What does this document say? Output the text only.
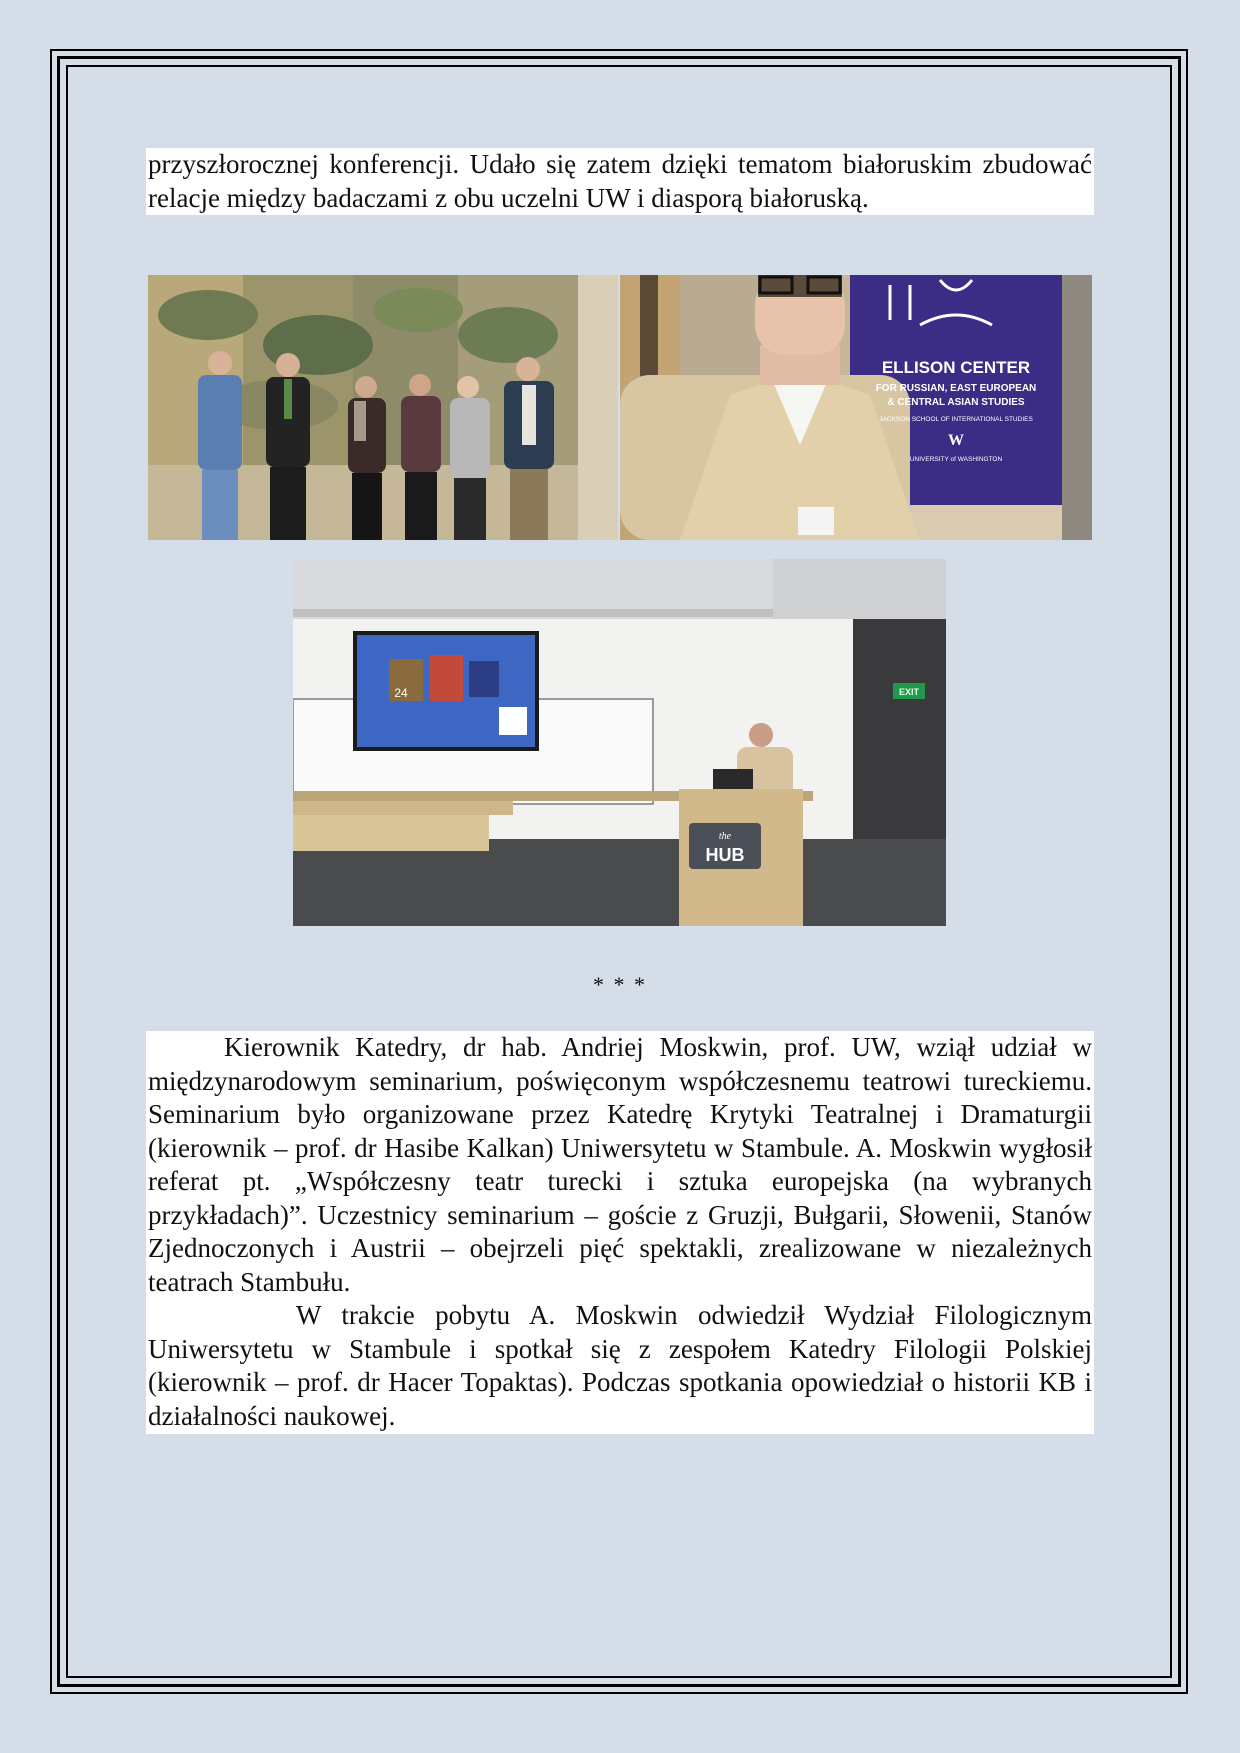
przyszłorocznej konferencji. Udało się zatem dzięki tematom białoruskim zbudować relacje między badaczami z obu uczelni UW i diasporą białoruską.

ELLISON CENTER
FOR RUSSIAN, EAST EUROPEAN
& CENTRAL ASIAN STUDIES
JACKSON SCHOOL OF INTERNATIONAL STUDIES
W
UNIVERSITY of WASHINGTON
24	EXIT
the
HUB
* * *

Kierownik Katedry, dr hab. Andriej Moskwin, prof. UW, wziął udział w międzynarodowym seminarium, poświęconym współczesnemu teatrowi tureckiemu. Seminarium było organizowane przez Katedrę Krytyki Teatralnej i Dramaturgii (kierownik – prof. dr Hasibe Kalkan) Uniwersytetu w Stambule. A. Moskwin wygłosił referat pt. „Współczesny teatr turecki i sztuka europejska (na wybranych przykładach)”. Uczestnicy seminarium – goście z Gruzji, Bułgarii, Słowenii, Stanów Zjednoczonych i Austrii – obejrzeli pięć spektakli, zrealizowane w niezależnych teatrach Stambułu.

W trakcie pobytu A. Moskwin odwiedził Wydział Filologicznym Uniwersytetu w Stambule i spotkał się z zespołem Katedry Filologii Polskiej (kierownik – prof. dr Hacer Topaktas). Podczas spotkania opowiedział o historii KB i działalności naukowej.
